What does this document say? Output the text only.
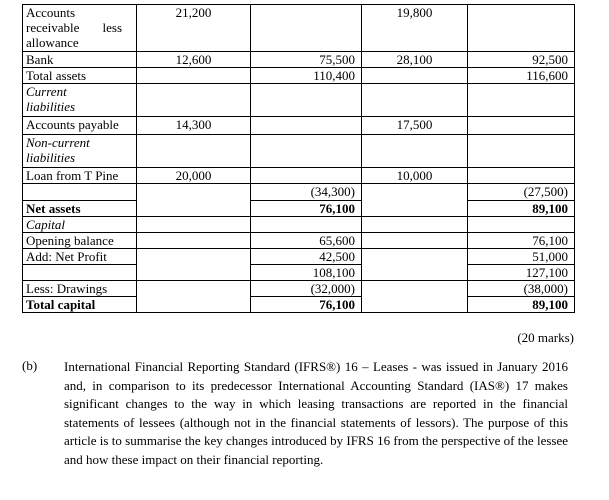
Accounts receivable less allowance	21,200		19,800	
Bank	12,600	75,500	28,100	92,500
Total assets		110,400		116,600

Current liabilities				

Accounts payable	14,300		17,500	

Non-current liabilities				

Loan from T Pine	20,000		10,000	
		(34,300)		(27,500)
Net assets		76,100		89,100
Capital				
Opening balance		65,600		76,100
Add: Net Profit		42,500		51,000
		108,100		127,100
Less: Drawings		(32,000)		(38,000)
Total capital		76,100		89,100
(20 marks)
(b) International Financial Reporting Standard (IFRS®) 16 – Leases - was issued in January 2016 and, in comparison to its predecessor International Accounting Standard (IAS®) 17 makes significant changes to the way in which leasing transactions are reported in the financial statements of lessees (although not in the financial statements of lessors). The purpose of this article is to summarise the key changes introduced by IFRS 16 from the perspective of the lessee and how these impact on their financial reporting.
